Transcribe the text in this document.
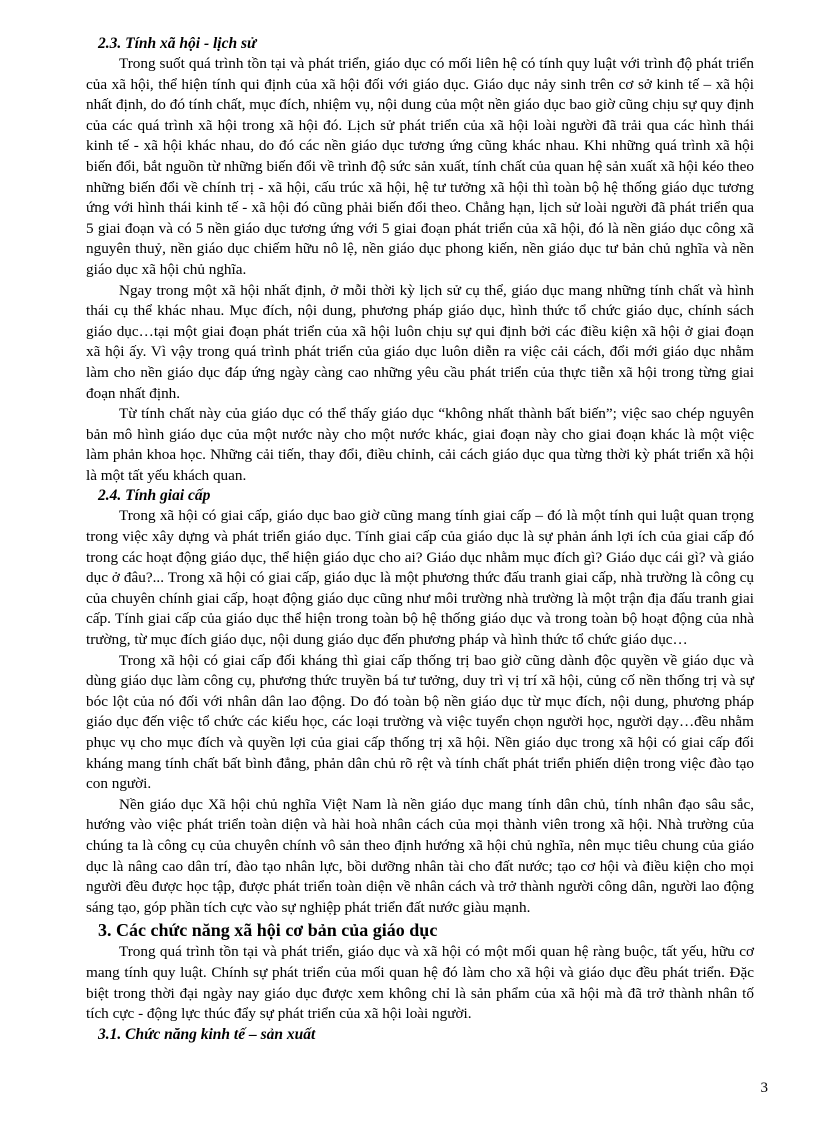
2.3. Tính xã hội - lịch sử

Trong suốt quá trình tồn tại và phát triển, giáo dục có mối liên hệ có tính quy luật với trình độ phát triển của xã hội, thể hiện tính qui định của xã hội đối với giáo dục. Giáo dục nảy sinh trên cơ sở kinh tế – xã hội nhất định, do đó tính chất, mục đích, nhiệm vụ, nội dung của một nền giáo dục bao giờ cũng chịu sự quy định của các quá trình xã hội trong xã hội đó. Lịch sử phát triển của xã hội loài người đã trải qua các hình thái kinh tế - xã hội khác nhau, do đó các nền giáo dục tương ứng cũng khác nhau. Khi những quá trình xã hội biến đổi, bắt nguồn từ những biến đổi về trình độ sức sản xuất, tính chất của quan hệ sản xuất xã hội kéo theo những biến đổi về chính trị - xã hội, cấu trúc xã hội, hệ tư tưởng xã hội thì toàn bộ hệ thống giáo dục tương ứng với hình thái kinh tế - xã hội đó cũng phải biến đổi theo. Chẳng hạn, lịch sử loài người đã phát triển qua 5 giai đoạn và có 5 nền giáo dục tương ứng với 5 giai đoạn phát triển của xã hội, đó là nền giáo dục công xã nguyên thuỷ, nền giáo dục chiếm hữu nô lệ, nền giáo dục phong kiến, nền giáo dục tư bản chủ nghĩa và nền giáo dục xã hội chủ nghĩa.

Ngay trong một xã hội nhất định, ở mỗi thời kỳ lịch sử cụ thể, giáo dục mang những tính chất và hình thái cụ thể khác nhau. Mục đích, nội dung, phương pháp giáo dục, hình thức tổ chức giáo dục, chính sách giáo dục…tại một giai đoạn phát triển của xã hội luôn chịu sự qui định bởi các điều kiện xã hội ở giai đoạn xã hội ấy. Vì vậy trong quá trình phát triển của giáo dục luôn diễn ra việc cải cách, đổi mới giáo dục nhằm làm cho nền giáo dục đáp ứng ngày càng cao những yêu cầu phát triển của thực tiễn xã hội trong từng giai đoạn nhất định.

Từ tính chất này của giáo dục có thể thấy giáo dục “không nhất thành bất biến”; việc sao chép nguyên bản mô hình giáo dục của một nước này cho một nước khác, giai đoạn này cho giai đoạn khác là một việc làm phản khoa học. Những cải tiến, thay đổi, điều chỉnh, cải cách giáo dục qua từng thời kỳ phát triển xã hội là một tất yếu khách quan.

2.4. Tính giai cấp

Trong xã hội có giai cấp, giáo dục bao giờ cũng mang tính giai cấp – đó là một tính qui luật quan trọng trong việc xây dựng và phát triển giáo dục. Tính giai cấp của giáo dục là sự phản ánh lợi ích của giai cấp đó trong các hoạt động giáo dục, thể hiện giáo dục cho ai? Giáo dục nhằm mục đích gì? Giáo dục cái gì? và giáo dục ở đâu?... Trong xã hội có giai cấp, giáo dục là một phương thức đấu tranh giai cấp, nhà trường là công cụ của chuyên chính giai cấp, hoạt động giáo dục cũng như môi trường nhà trường là một trận địa đấu tranh giai cấp. Tính giai cấp của giáo dục thể hiện trong toàn bộ hệ thống giáo dục và trong toàn bộ hoạt động của nhà trường, từ mục đích giáo dục, nội dung giáo dục đến phương pháp và hình thức tổ chức giáo dục…

Trong xã hội có giai cấp đối kháng thì giai cấp thống trị bao giờ cũng dành độc quyền về giáo dục và dùng giáo dục làm công cụ, phương thức truyền bá tư tưởng, duy trì vị trí xã hội, củng cố nền thống trị và sự bóc lột của nó đối với nhân dân lao động. Do đó toàn bộ nền giáo dục từ mục đích, nội dung, phương pháp giáo dục đến việc tổ chức các kiểu học, các loại trường và việc tuyển chọn người học, người dạy…đều nhằm phục vụ cho mục đích và quyền lợi của giai cấp thống trị xã hội. Nền giáo dục trong xã hội có giai cấp đối kháng mang tính chất bất bình đẳng, phản dân chủ rõ rệt và tính chất phát triển phiến diện trong việc đào tạo con người.

Nền giáo dục Xã hội chủ nghĩa Việt Nam là nền giáo dục mang tính dân chủ, tính nhân đạo sâu sắc, hướng vào việc phát triển toàn diện và hài hoà nhân cách của mọi thành viên trong xã hội. Nhà trường của chúng ta là công cụ của chuyên chính vô sản theo định hướng xã hội chủ nghĩa, nên mục tiêu chung của giáo dục là nâng cao dân trí, đào tạo nhân lực, bồi dưỡng nhân tài cho đất nước; tạo cơ hội và điều kiện cho mọi người đều được học tập, được phát triển toàn diện về nhân cách và trở thành người công dân, người lao động sáng tạo, góp phần tích cực vào sự nghiệp phát triển đất nước giàu mạnh.

3. Các chức năng xã hội cơ bản của giáo dục

Trong quá trình tồn tại và phát triển, giáo dục và xã hội có một mối quan hệ ràng buộc, tất yếu, hữu cơ mang tính quy luật. Chính sự phát triển của mối quan hệ đó làm cho xã hội và giáo dục đều phát triển. Đặc biệt trong thời đại ngày nay giáo dục được xem không chỉ là sản phẩm của xã hội mà đã trở thành nhân tố tích cực - động lực thúc đẩy sự phát triển của xã hội loài người.

3.1. Chức năng kinh tế – sản xuất
3
